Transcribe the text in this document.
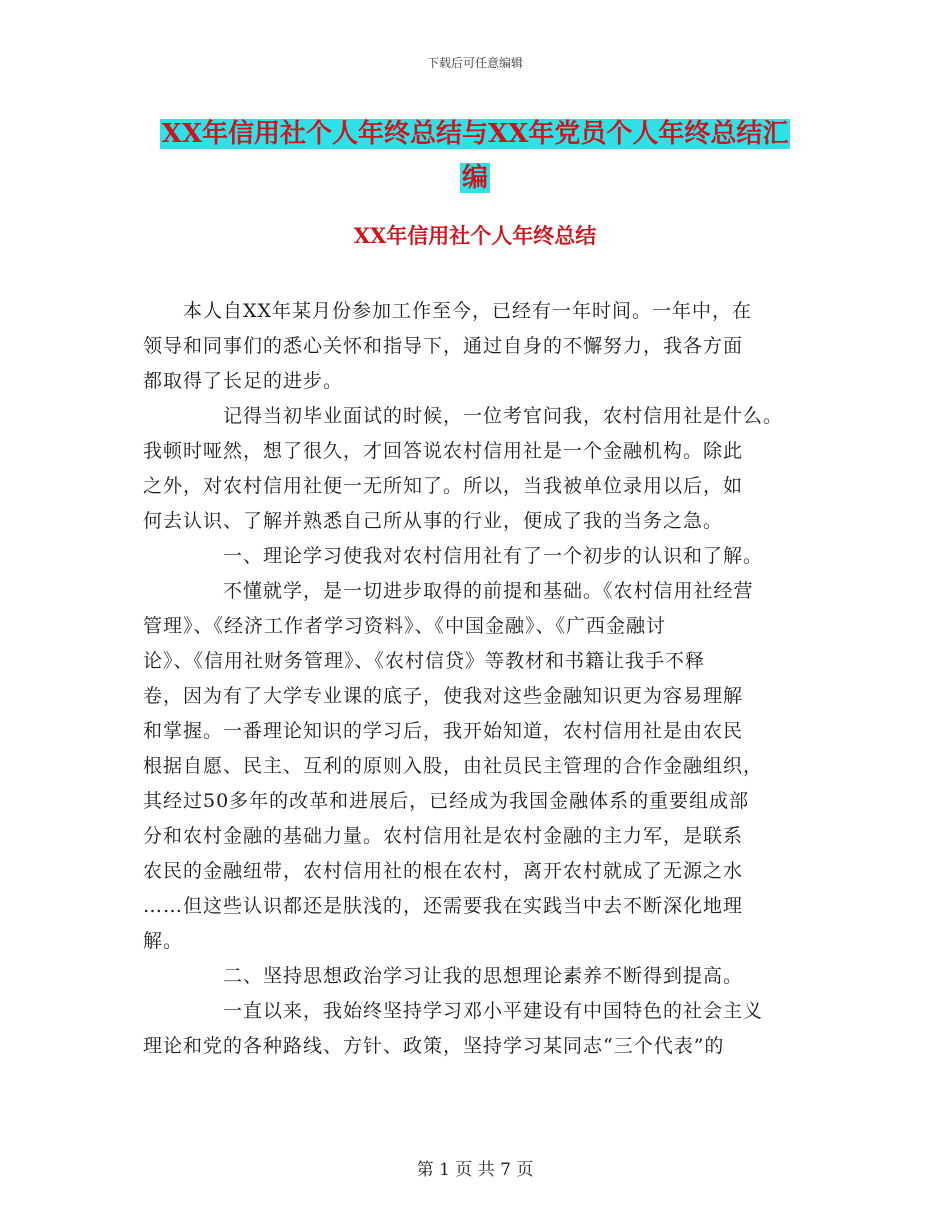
下载后可任意编辑
XX年信用社个人年终总结与XX年党员个人年终总结汇
编
XX年信用社个人年终总结

　　本人自XX年某月份参加工作至今，已经有一年时间。一年中，在

领导和同事们的悉心关怀和指导下，通过自身的不懈努力，我各方面

都取得了长足的进步。

　　　　记得当初毕业面试的时候，一位考官问我，农村信用社是什么。

我顿时哑然，想了很久，才回答说农村信用社是一个金融机构。除此

之外，对农村信用社便一无所知了。所以，当我被单位录用以后，如

何去认识、了解并熟悉自己所从事的行业，便成了我的当务之急。

　　　　一、理论学习使我对农村信用社有了一个初步的认识和了解。

　　　　不懂就学，是一切进步取得的前提和基础。《农村信用社经营

管理》、《经济工作者学习资料》、《中国金融》、《广西金融讨

论》、《信用社财务管理》、《农村信贷》等教材和书籍让我手不释

卷，因为有了大学专业课的底子，使我对这些金融知识更为容易理解

和掌握。一番理论知识的学习后，我开始知道，农村信用社是由农民

根据自愿、民主、互利的原则入股，由社员民主管理的合作金融组织，

其经过50多年的改革和进展后，已经成为我国金融体系的重要组成部

分和农村金融的基础力量。农村信用社是农村金融的主力军，是联系

农民的金融纽带，农村信用社的根在农村，离开农村就成了无源之水

……但这些认识都还是肤浅的，还需要我在实践当中去不断深化地理

解。

　　　　二、坚持思想政治学习让我的思想理论素养不断得到提高。

　　　　一直以来，我始终坚持学习邓小平建设有中国特色的社会主义

理论和党的各种路线、方针、政策，坚持学习某同志“三个代表”的

第 1 页 共 7 页
